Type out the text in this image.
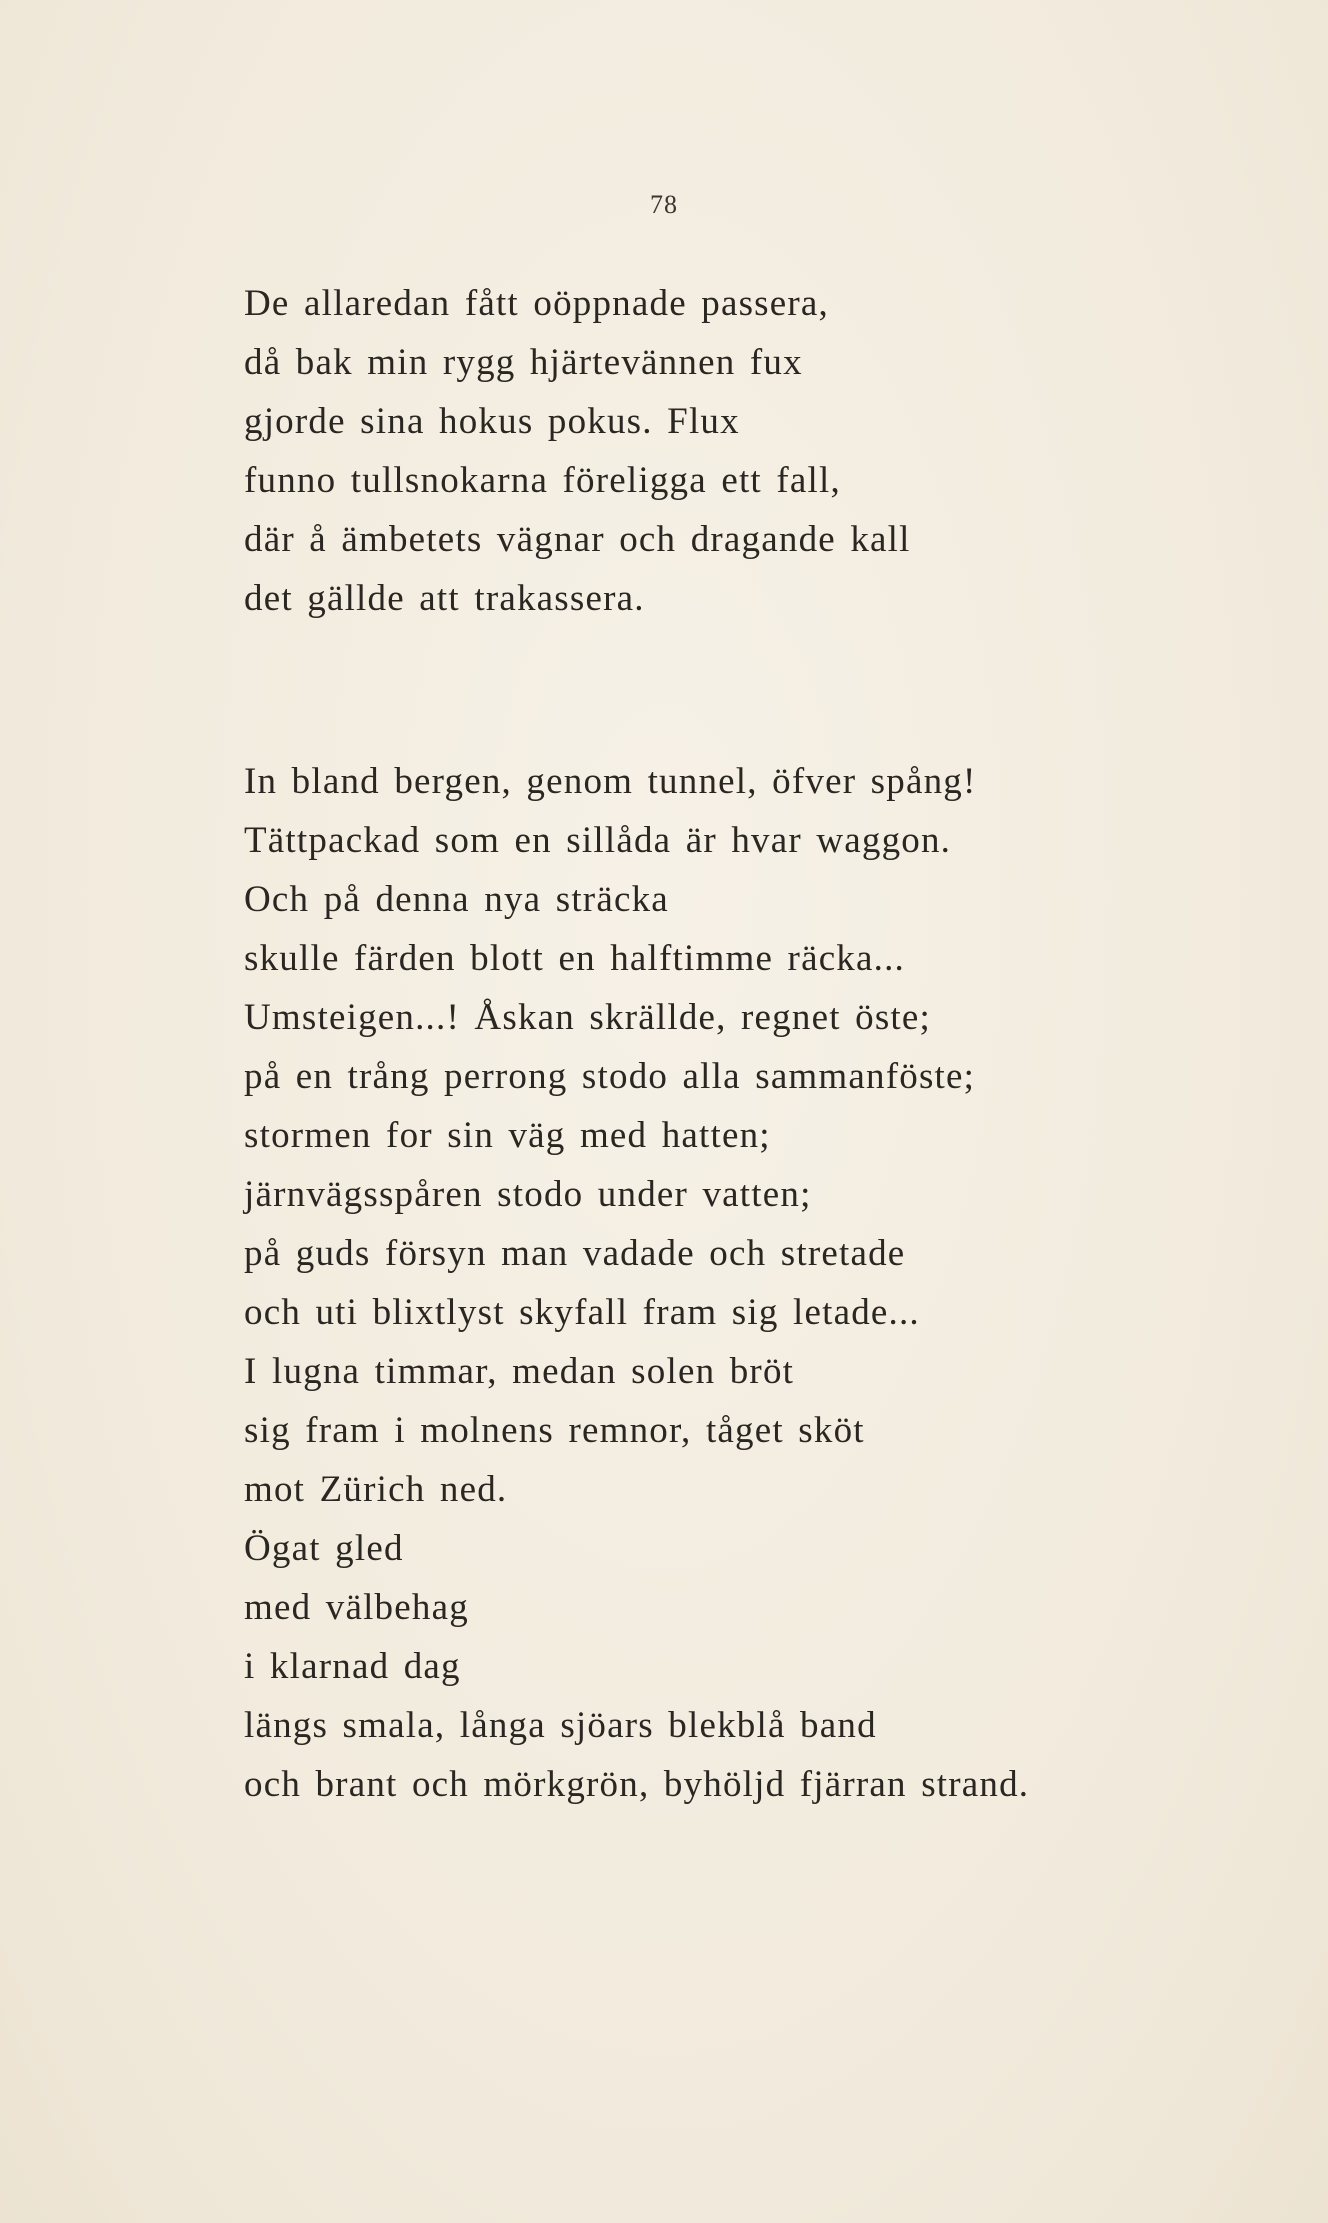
78
De allaredan fått oöppnade passera,
då bak min rygg hjärtevännen fux
gjorde sina hokus pokus. Flux
funno tullsnokarna föreligga ett fall,
där å ämbetets vägnar och dragande kall
det gällde att trakassera.
In bland bergen, genom tunnel, öfver spång!
Tättpackad som en sillåda är hvar waggon.
Och på denna nya sträcka
skulle färden blott en halftimme räcka...
Umsteigen...! Åskan skrällde, regnet öste;
på en trång perrong stodo alla sammanföste;
stormen for sin väg med hatten;
järnvägsspåren stodo under vatten;
på guds försyn man vadade och stretade
och uti blixtlyst skyfall fram sig letade...
I lugna timmar, medan solen bröt
sig fram i molnens remnor, tåget sköt
mot Zürich ned.
Ögat gled
med välbehag
i klarnad dag
längs smala, långa sjöars blekblå band
och brant och mörkgrön, byhöljd fjärran strand.
